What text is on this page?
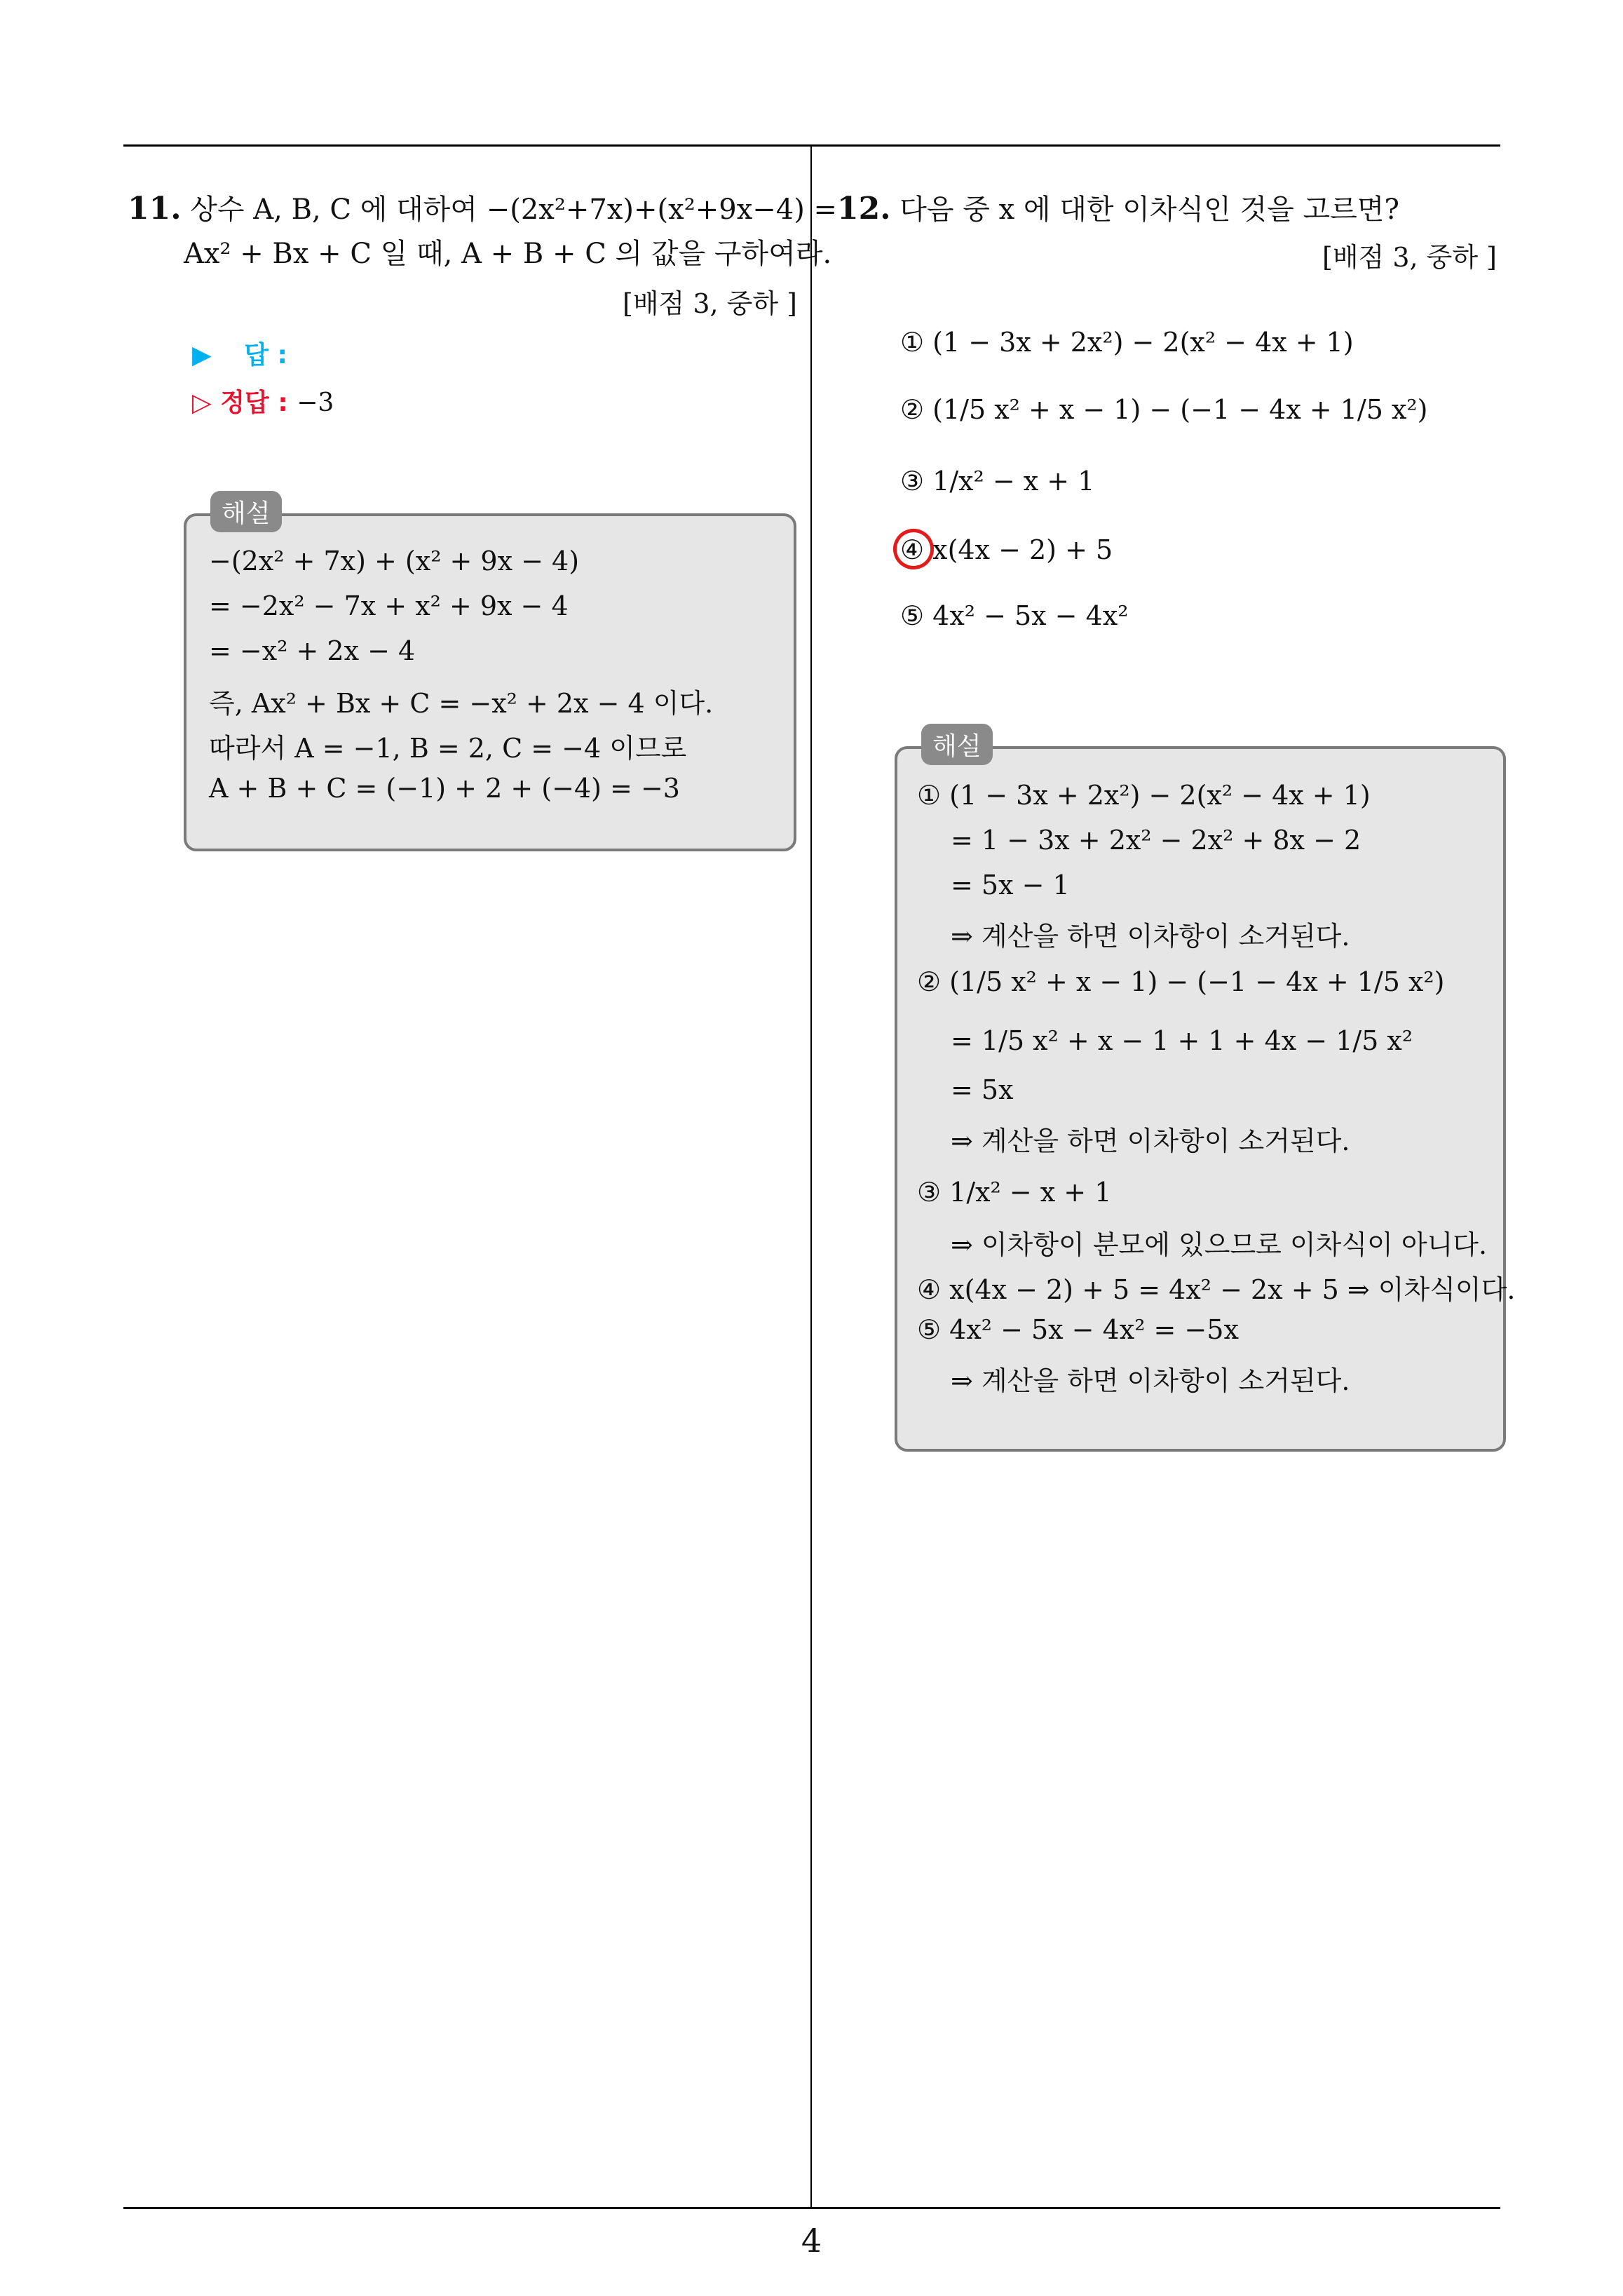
11. 상수 A, B, C 에 대하여 −(2x²+7x)+(x²+9x−4) =
Ax² + Bx + C 일 때, A + B + C 의 값을 구하여라.
[배점 3, 중하 ]
▶ 답 :
▷ 정답 : −3
해설
−(2x² + 7x) + (x² + 9x − 4)
= −2x² − 7x + x² + 9x − 4
= −x² + 2x − 4
즉, Ax² + Bx + C = −x² + 2x − 4 이다.
따라서 A = −1, B = 2, C = −4 이므로
A + B + C = (−1) + 2 + (−4) = −3
12. 다음 중 x 에 대한 이차식인 것을 고르면?
[배점 3, 중하 ]
① (1 − 3x + 2x²) − 2(x² − 4x + 1)
② (1/5 x² + x − 1) − (−1 − 4x + 1/5 x²)
③ 1/x² − x + 1
④ x(4x − 2) + 5
⑤ 4x² − 5x − 4x²
해설
① (1 − 3x + 2x²) − 2(x² − 4x + 1)
= 1 − 3x + 2x² − 2x² + 8x − 2
= 5x − 1
⇒ 계산을 하면 이차항이 소거된다.
② (1/5 x² + x − 1) − (−1 − 4x + 1/5 x²)
= 1/5 x² + x − 1 + 1 + 4x − 1/5 x²
= 5x
⇒ 계산을 하면 이차항이 소거된다.
③ 1/x² − x + 1
⇒ 이차항이 분모에 있으므로 이차식이 아니다.
④ x(4x − 2) + 5 = 4x² − 2x + 5 ⇒ 이차식이다.
⑤ 4x² − 5x − 4x² = −5x
⇒ 계산을 하면 이차항이 소거된다.
4
